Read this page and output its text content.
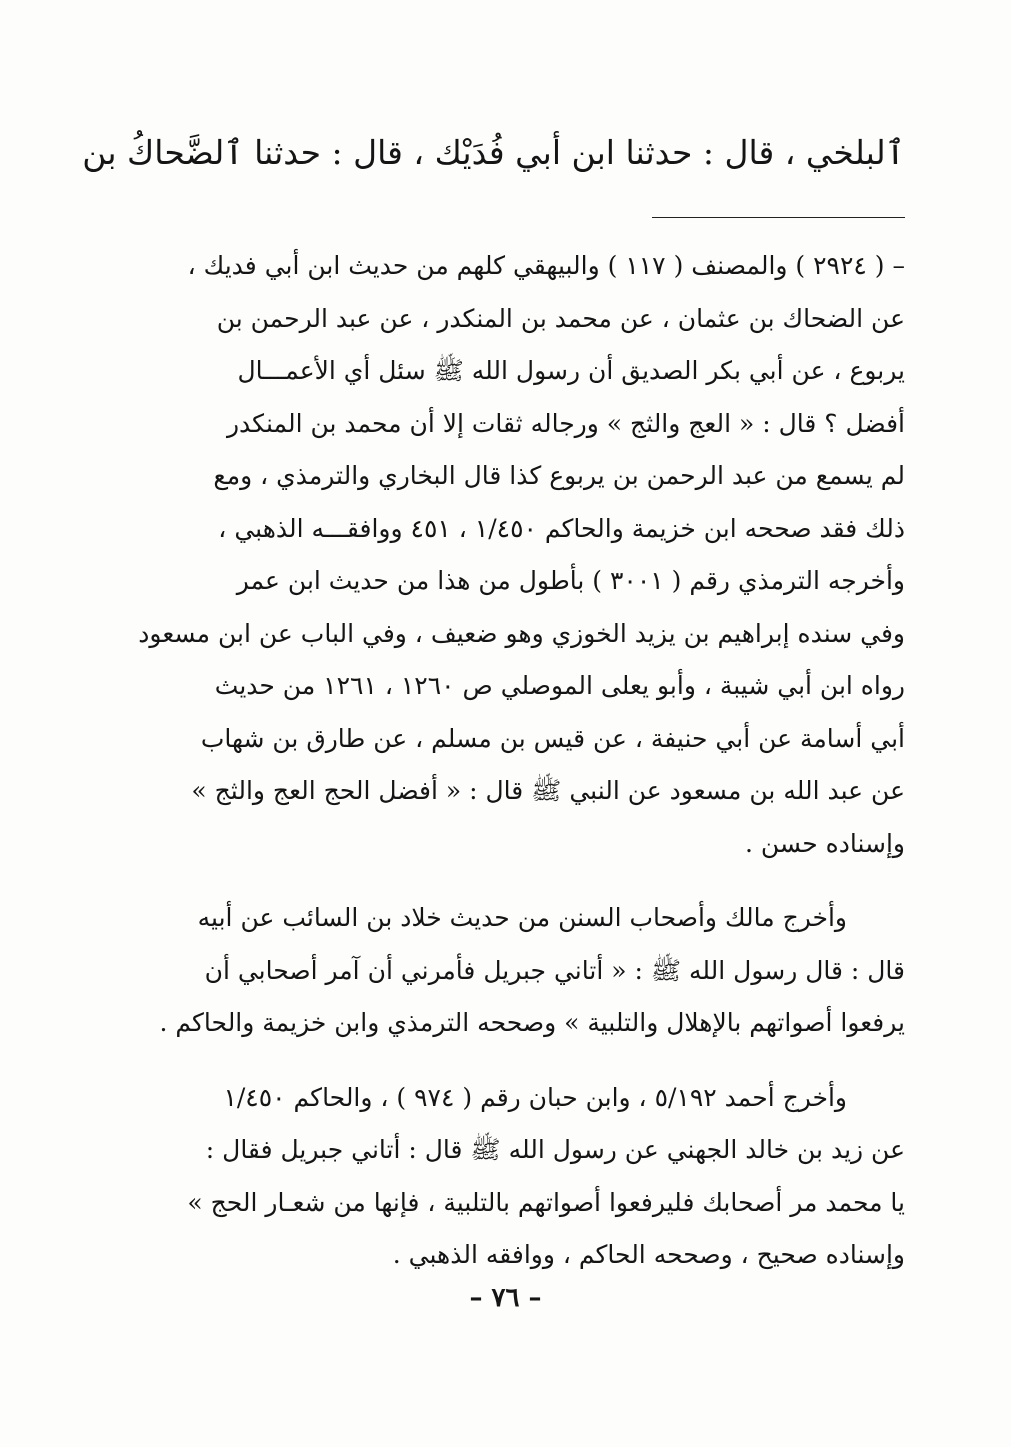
ٱلبلخي ، قال : حدثنا ابن أبي فُدَيْك ، قال : حدثنا ٱلضَّحاكُ بن
– ( ٢٩٢٤ ) والمصنف ( ١١٧ ) والبيهقي كلهم من حديث ابن أبي فديك ،
عن الضحاك بن عثمان ، عن محمد بن المنكدر ، عن عبد الرحمن بن
يربوع ، عن أبي بكر الصديق أن رسول الله ﷺ سئل أي الأعمـــال
أفضل ؟ قال : « العج والثج » ورجاله ثقات إلا أن محمد بن المنكدر
لم يسمع من عبد الرحمن بن يربوع كذا قال البخاري والترمذي ، ومع
ذلك فقد صححه ابن خزيمة والحاكم ١/٤٥٠ ، ٤٥١ ووافقـــه الذهبي ،
وأخرجه الترمذي رقم ( ٣٠٠١ ) بأطول من هذا من حديث ابن عمر
وفي سنده إبراهيم بن يزيد الخوزي وهو ضعيف ، وفي الباب عن ابن مسعود
رواه ابن أبي شيبة ، وأبو يعلى الموصلي ص ١٢٦٠ ، ١٢٦١ من حديث
أبي أسامة عن أبي حنيفة ، عن قيس بن مسلم ، عن طارق بن شهاب
عن عبد الله بن مسعود عن النبي ﷺ قال : « أفضل الحج العج والثج »
وإسناده حسن .
وأخرج مالك وأصحاب السنن من حديث خلاد بن السائب عن أبيه
قال : قال رسول الله ﷺ : « أتاني جبريل فأمرني أن آمر أصحابي أن
يرفعوا أصواتهم بالإهلال والتلبية » وصححه الترمذي وابن خزيمة والحاكم .
وأخرج أحمد ٥/١٩٢ ، وابن حبان رقم ( ٩٧٤ ) ، والحاكم ١/٤٥٠
عن زيد بن خالد الجهني عن رسول الله ﷺ قال : أتاني جبريل فقال :
يا محمد مر أصحابك فليرفعوا أصواتهم بالتلبية ، فإنها من شعـار الحج »
وإسناده صحيح ، وصححه الحاكم ، ووافقه الذهبي .
– ٧٦ –
